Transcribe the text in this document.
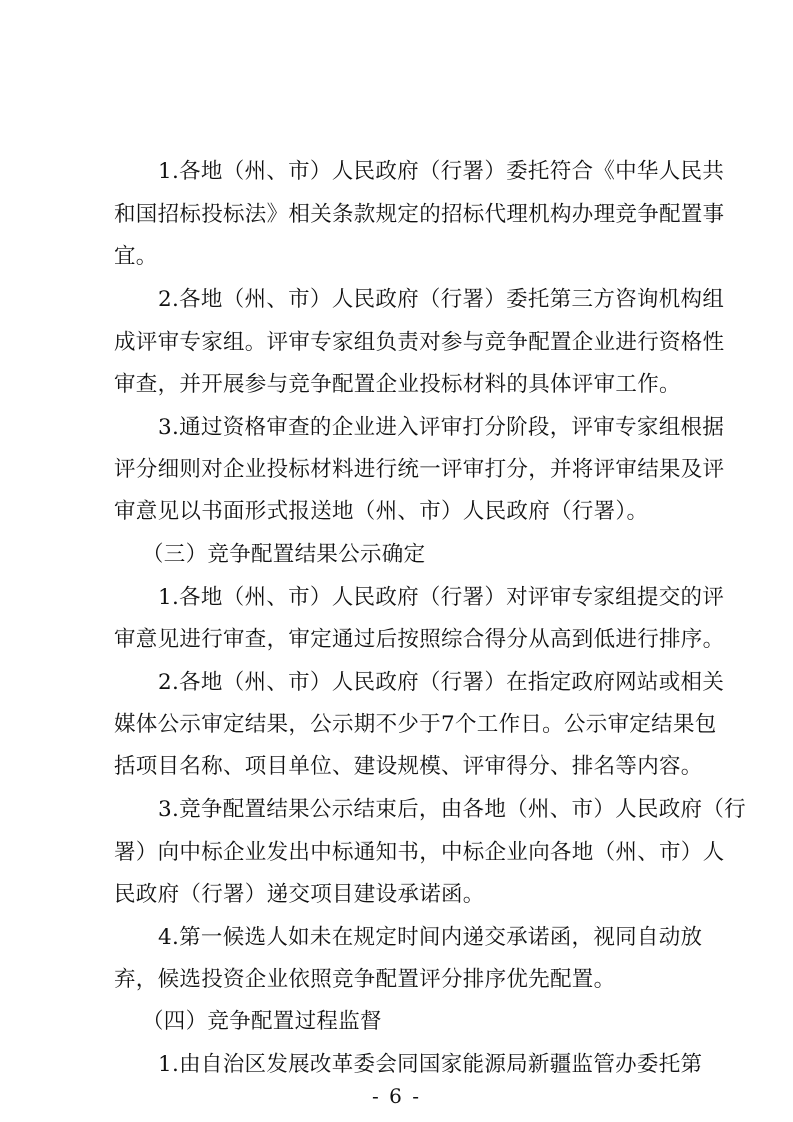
1.各地（州、市）人民政府（行署）委托符合《中华人民共
和国招标投标法》相关条款规定的招标代理机构办理竞争配置事
宜。
2.各地（州、市）人民政府（行署）委托第三方咨询机构组
成评审专家组。评审专家组负责对参与竞争配置企业进行资格性
审查，并开展参与竞争配置企业投标材料的具体评审工作。
3.通过资格审查的企业进入评审打分阶段，评审专家组根据
评分细则对企业投标材料进行统一评审打分，并将评审结果及评
审意见以书面形式报送地（州、市）人民政府（行署）。
（三）竞争配置结果公示确定
1.各地（州、市）人民政府（行署）对评审专家组提交的评
审意见进行审查，审定通过后按照综合得分从高到低进行排序。
2.各地（州、市）人民政府（行署）在指定政府网站或相关
媒体公示审定结果，公示期不少于7个工作日。公示审定结果包
括项目名称、项目单位、建设规模、评审得分、排名等内容。
3.竞争配置结果公示结束后，由各地（州、市）人民政府（行
署）向中标企业发出中标通知书，中标企业向各地（州、市）人
民政府（行署）递交项目建设承诺函。
4.第一候选人如未在规定时间内递交承诺函，视同自动放
弃，候选投资企业依照竞争配置评分排序优先配置。
（四）竞争配置过程监督
1.由自治区发展改革委会同国家能源局新疆监管办委托第
- 6 -
